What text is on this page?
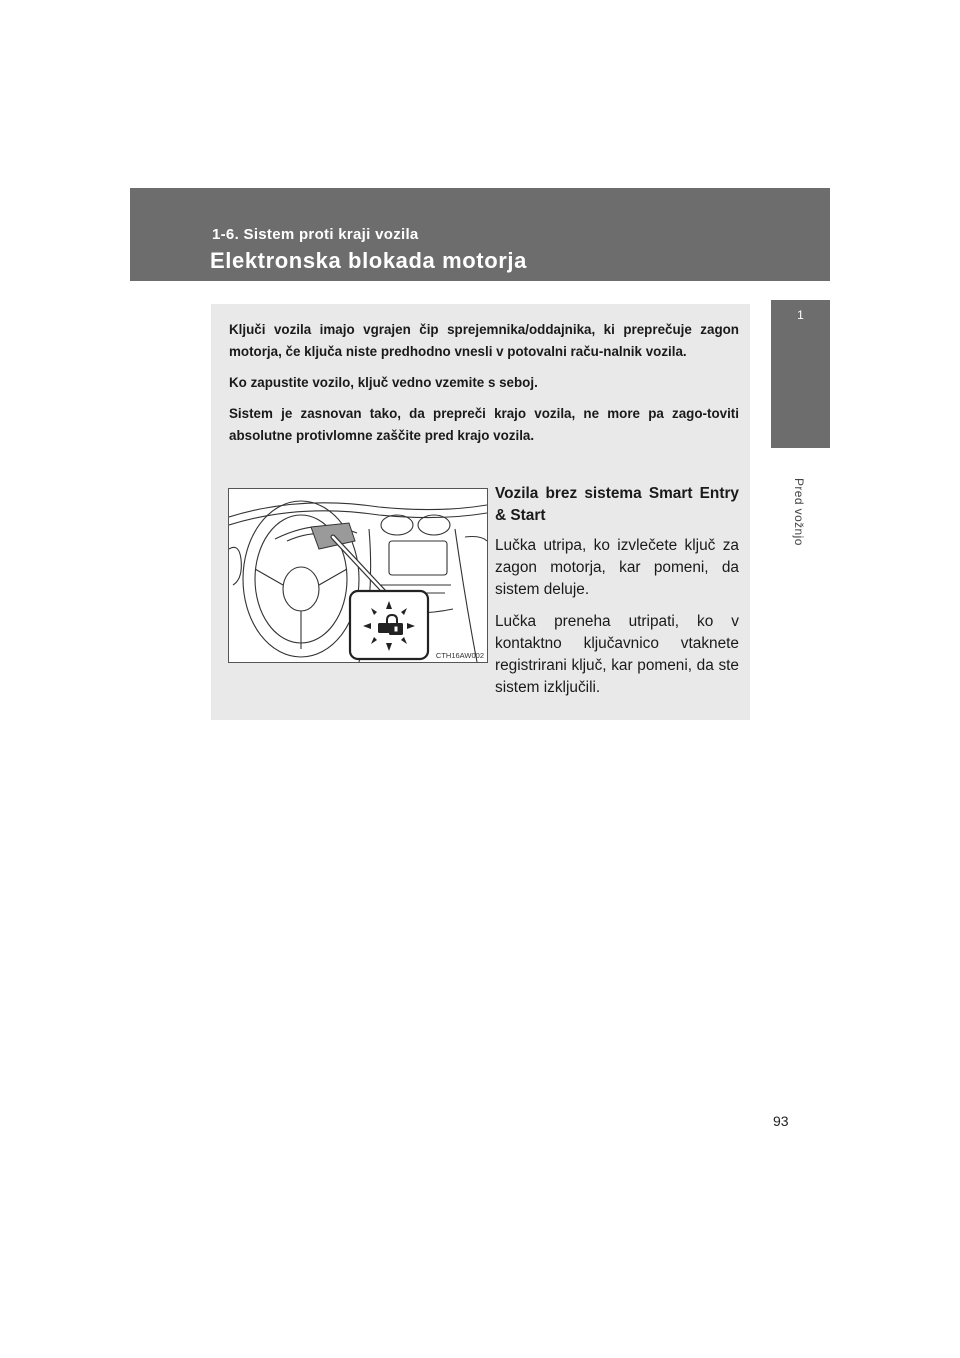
1-6. Sistem proti kraji vozila
Elektronska blokada motorja
1
Pred vožnjo

Ključi vozila imajo vgrajen čip sprejemnika/oddajnika, ki preprečuje zagon motorja, če ključa niste predhodno vnesli v potovalni raču-nalnik vozila.

Ko zapustite vozilo, ključ vedno vzemite s seboj.

Sistem je zasnovan tako, da prepreči krajo vozila, ne more pa zago-toviti absolutne protivlomne zaščite pred krajo vozila.

CTH16AW002
Vozila brez sistema Smart Entry & Start

Lučka utripa, ko izvlečete ključ za zagon motorja, kar pomeni, da sistem deluje.

Lučka preneha utripati, ko v kontaktno ključavnico vtaknete registrirani ključ, kar pomeni, da ste sistem izključili.

93
